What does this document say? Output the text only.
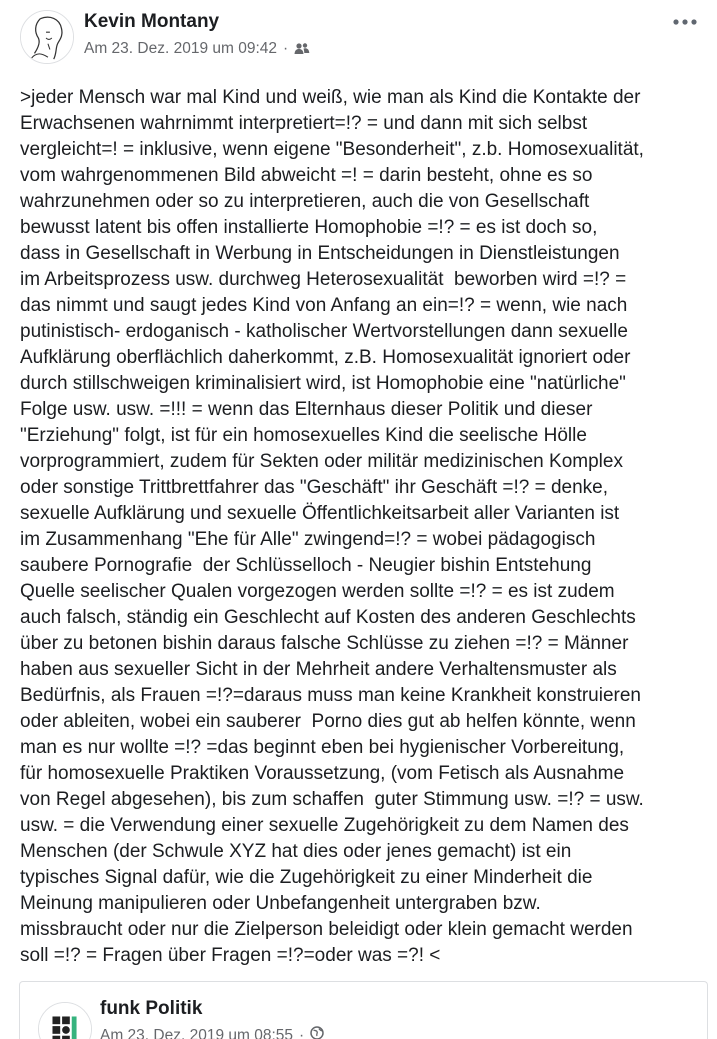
Kevin Montany
Am 23. Dez. 2019 um 09:42 ·
>jeder Mensch war mal Kind und weiß, wie man als Kind die Kontakte der
Erwachsenen wahrnimmt interpretiert=!? = und dann mit sich selbst
vergleicht=! = inklusive, wenn eigene "Besonderheit", z.b. Homosexualität,
vom wahrgenommenen Bild abweicht =! = darin besteht, ohne es so
wahrzunehmen oder so zu interpretieren, auch die von Gesellschaft
bewusst latent bis offen installierte Homophobie =!? = es ist doch so,
dass in Gesellschaft in Werbung in Entscheidungen in Dienstleistungen
im Arbeitsprozess usw. durchweg Heterosexualität  beworben wird =!? =
das nimmt und saugt jedes Kind von Anfang an ein=!? = wenn, wie nach
putinistisch- erdoganisch - katholischer Wertvorstellungen dann sexuelle
Aufklärung oberflächlich daherkommt, z.B. Homosexualität ignoriert oder
durch stillschweigen kriminalisiert wird, ist Homophobie eine "natürliche"
Folge usw. usw. =!!! = wenn das Elternhaus dieser Politik und dieser
"Erziehung" folgt, ist für ein homosexuelles Kind die seelische Hölle
vorprogrammiert, zudem für Sekten oder militär medizinischen Komplex
oder sonstige Trittbrettfahrer das "Geschäft" ihr Geschäft =!? = denke,
sexuelle Aufklärung und sexuelle Öffentlichkeitsarbeit aller Varianten ist
im Zusammenhang "Ehe für Alle" zwingend=!? = wobei pädagogisch
saubere Pornografie  der Schlüsselloch - Neugier bishin Entstehung
Quelle seelischer Qualen vorgezogen werden sollte =!? = es ist zudem
auch falsch, ständig ein Geschlecht auf Kosten des anderen Geschlechts
über zu betonen bishin daraus falsche Schlüsse zu ziehen =!? = Männer
haben aus sexueller Sicht in der Mehrheit andere Verhaltensmuster als
Bedürfnis, als Frauen =!?=daraus muss man keine Krankheit konstruieren
oder ableiten, wobei ein sauberer  Porno dies gut ab helfen könnte, wenn
man es nur wollte =!? =das beginnt eben bei hygienischer Vorbereitung,
für homosexuelle Praktiken Voraussetzung, (vom Fetisch als Ausnahme
von Regel abgesehen), bis zum schaffen  guter Stimmung usw. =!? = usw.
usw. = die Verwendung einer sexuelle Zugehörigkeit zu dem Namen des
Menschen (der Schwule XYZ hat dies oder jenes gemacht) ist ein
typisches Signal dafür, wie die Zugehörigkeit zu einer Minderheit die
Meinung manipulieren oder Unbefangenheit untergraben bzw.
missbraucht oder nur die Zielperson beleidigt oder klein gemacht werden
soll =!? = Fragen über Fragen =!?=oder was =?! <
funk Politik
Am 23. Dez. 2019 um 08:55 ·
